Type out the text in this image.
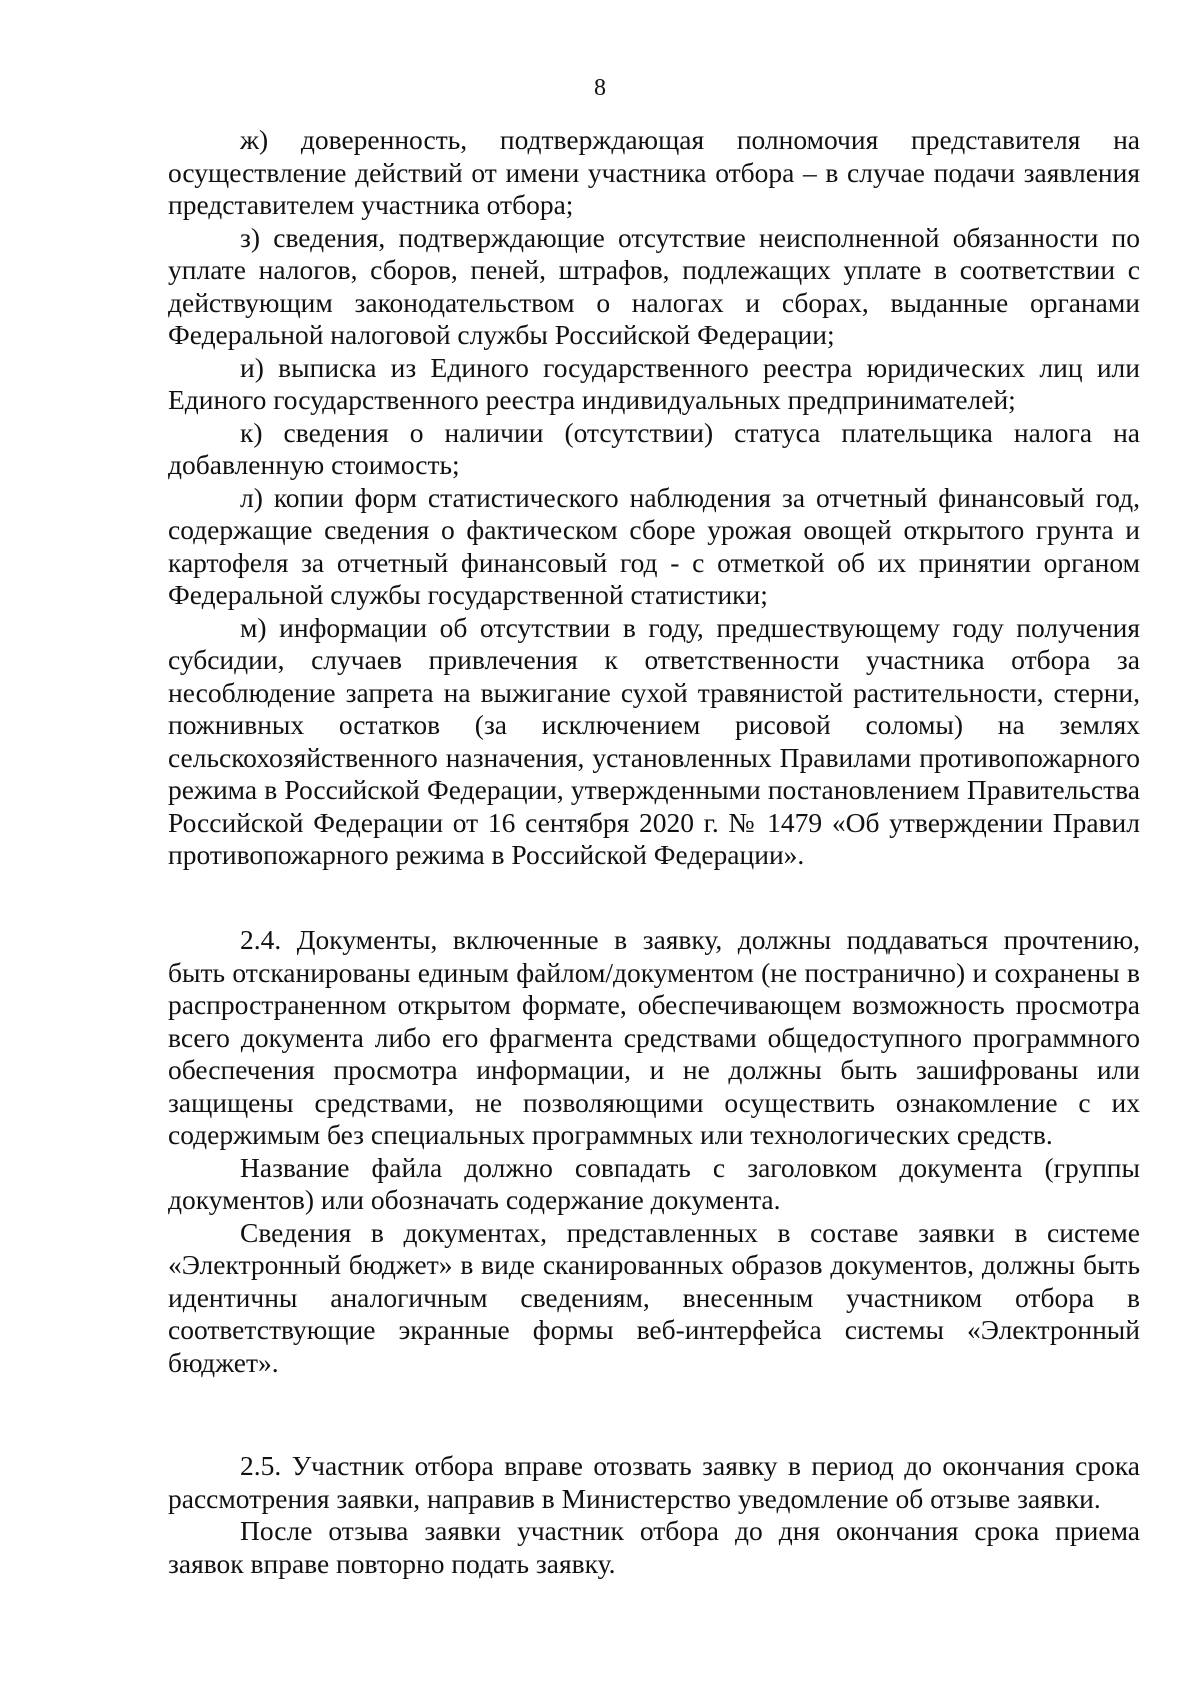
8

ж) доверенность, подтверждающая полномочия представителя на осуществление действий от имени участника отбора – в случае подачи заявления представителем участника отбора;

з) сведения, подтверждающие отсутствие неисполненной обязанности по уплате налогов, сборов, пеней, штрафов, подлежащих уплате в соответствии с действующим законодательством о налогах и сборах, выданные органами Федеральной налоговой службы Российской Федерации;

и) выписка из Единого государственного реестра юридических лиц или Единого государственного реестра индивидуальных предпринимателей;

к) сведения о наличии (отсутствии) статуса плательщика налога на добавленную стоимость;

л) копии форм статистического наблюдения за отчетный финансовый год, содержащие сведения о фактическом сборе урожая овощей открытого грунта и картофеля за отчетный финансовый год - с отметкой об их принятии органом Федеральной службы государственной статистики;

м) информации об отсутствии в году, предшествующему году получения субсидии, случаев привлечения к ответственности участника отбора за несоблюдение запрета на выжигание сухой травянистой растительности, стерни, пожнивных остатков (за исключением рисовой соломы) на землях сельскохозяйственного назначения, установленных Правилами противопожарного режима в Российской Федерации, утвержденными постановлением Правительства Российской Федерации от 16 сентября 2020 г. № 1479 «Об утверждении Правил противопожарного режима в Российской Федерации».

2.4. Документы, включенные в заявку, должны поддаваться прочтению, быть отсканированы единым файлом/документом (не постранично) и сохранены в распространенном открытом формате, обеспечивающем возможность просмотра всего документа либо его фрагмента средствами общедоступного программного обеспечения просмотра информации, и не должны быть зашифрованы или защищены средствами, не позволяющими осуществить ознакомление с их содержимым без специальных программных или технологических средств.

Название файла должно совпадать с заголовком документа (группы документов) или обозначать содержание документа.

Сведения в документах, представленных в составе заявки в системе «Электронный бюджет» в виде сканированных образов документов, должны быть идентичны аналогичным сведениям, внесенным участником отбора в соответствующие экранные формы веб-интерфейса системы «Электронный бюджет».

2.5. Участник отбора вправе отозвать заявку в период до окончания срока рассмотрения заявки, направив в Министерство уведомление об отзыве заявки.

После отзыва заявки участник отбора до дня окончания срока приема заявок вправе повторно подать заявку.
